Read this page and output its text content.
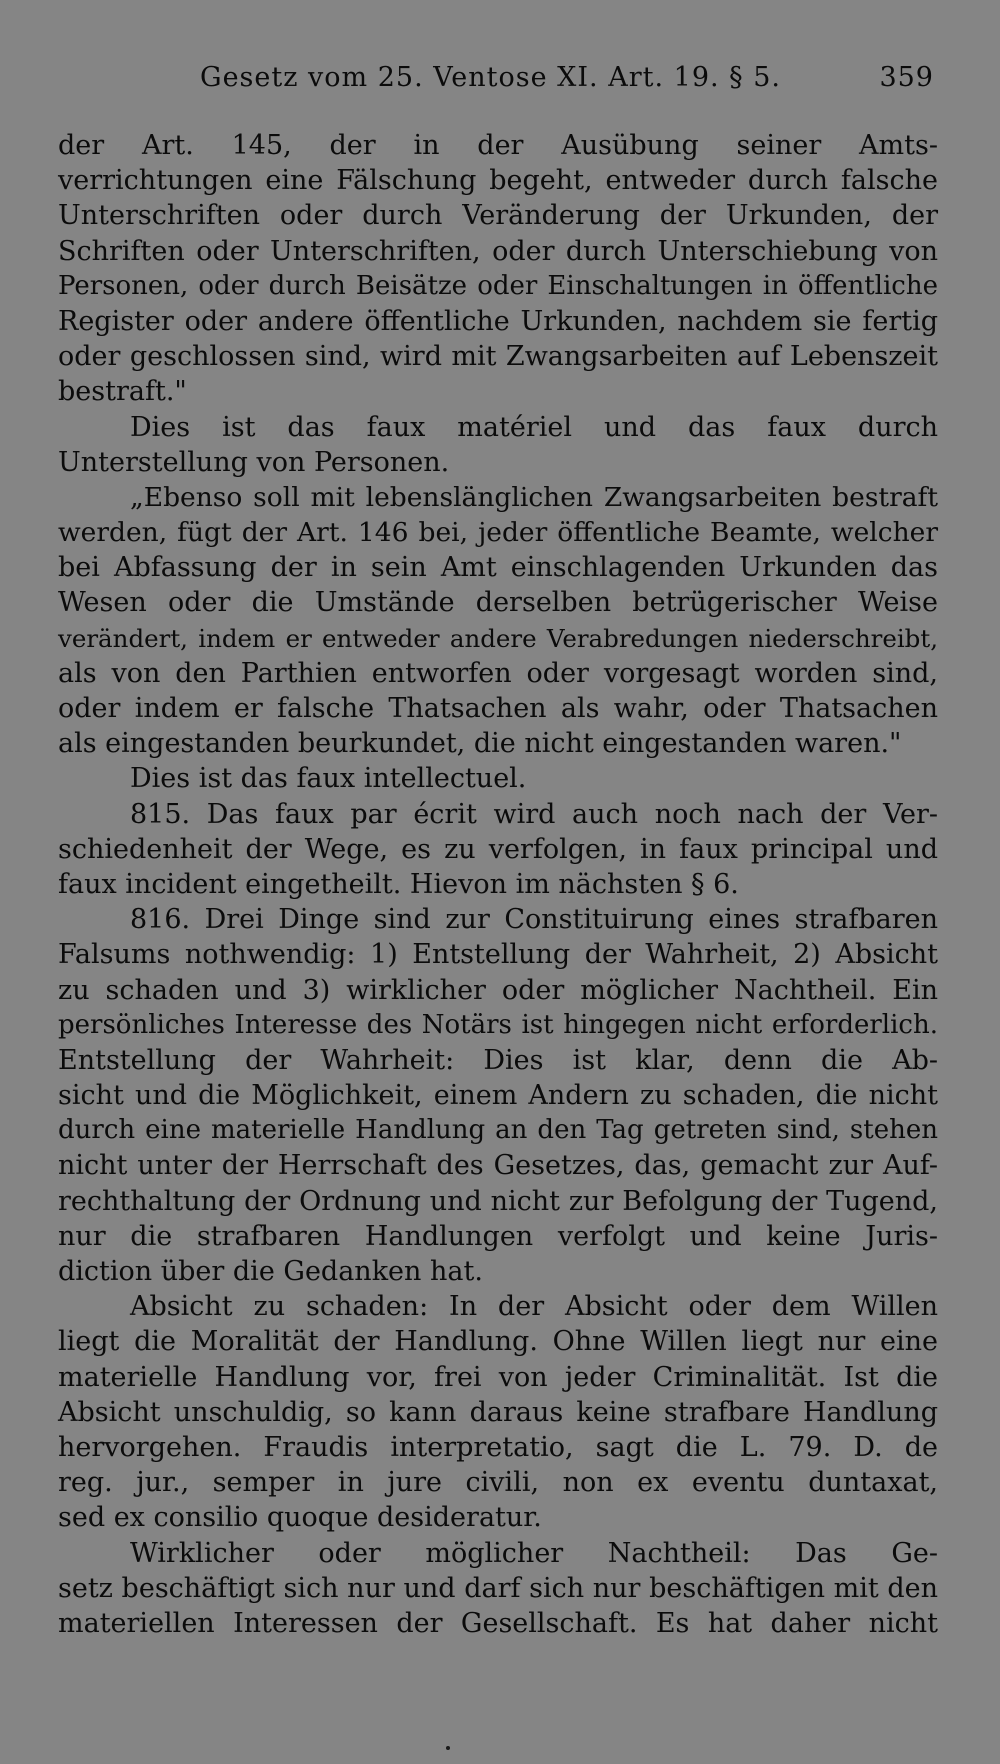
Gesetz vom 25. Ventose XI. Art. 19. § 5.	359
der Art. 145, der in der Ausübung seiner Amts-
verrichtungen eine Fälschung begeht, entweder durch falsche
Unterschriften oder durch Veränderung der Urkunden, der
Schriften oder Unterschriften, oder durch Unterschiebung von
Personen, oder durch Beisätze oder Einschaltungen in öffentliche
Register oder andere öffentliche Urkunden, nachdem sie fertig
oder geschlossen sind, wird mit Zwangsarbeiten auf Lebenszeit
bestraft."
Dies ist das faux matériel und das faux durch
Unterstellung von Personen.
„Ebenso soll mit lebenslänglichen Zwangsarbeiten bestraft
werden, fügt der Art. 146 bei, jeder öffentliche Beamte, welcher
bei Abfassung der in sein Amt einschlagenden Urkunden das
Wesen oder die Umstände derselben betrügerischer Weise
verändert, indem er entweder andere Verabredungen niederschreibt,
als von den Parthien entworfen oder vorgesagt worden sind,
oder indem er falsche Thatsachen als wahr, oder Thatsachen
als eingestanden beurkundet, die nicht eingestanden waren."
Dies ist das faux intellectuel.
815. Das faux par écrit wird auch noch nach der Ver-
schiedenheit der Wege, es zu verfolgen, in faux principal und
faux incident eingetheilt. Hievon im nächsten § 6.
816. Drei Dinge sind zur Constituirung eines strafbaren
Falsums nothwendig: 1) Entstellung der Wahrheit, 2) Absicht
zu schaden und 3) wirklicher oder möglicher Nachtheil. Ein
persönliches Interesse des Notärs ist hingegen nicht erforderlich.
Entstellung der Wahrheit: Dies ist klar, denn die Ab-
sicht und die Möglichkeit, einem Andern zu schaden, die nicht
durch eine materielle Handlung an den Tag getreten sind, stehen
nicht unter der Herrschaft des Gesetzes, das, gemacht zur Auf-
rechthaltung der Ordnung und nicht zur Befolgung der Tugend,
nur die strafbaren Handlungen verfolgt und keine Juris-
diction über die Gedanken hat.
Absicht zu schaden: In der Absicht oder dem Willen
liegt die Moralität der Handlung. Ohne Willen liegt nur eine
materielle Handlung vor, frei von jeder Criminalität. Ist die
Absicht unschuldig, so kann daraus keine strafbare Handlung
hervorgehen. Fraudis interpretatio, sagt die L. 79. D. de
reg. jur., semper in jure civili, non ex eventu duntaxat,
sed ex consilio quoque desideratur.
Wirklicher oder möglicher Nachtheil: Das Ge-
setz beschäftigt sich nur und darf sich nur beschäftigen mit den
materiellen Interessen der Gesellschaft. Es hat daher nicht
